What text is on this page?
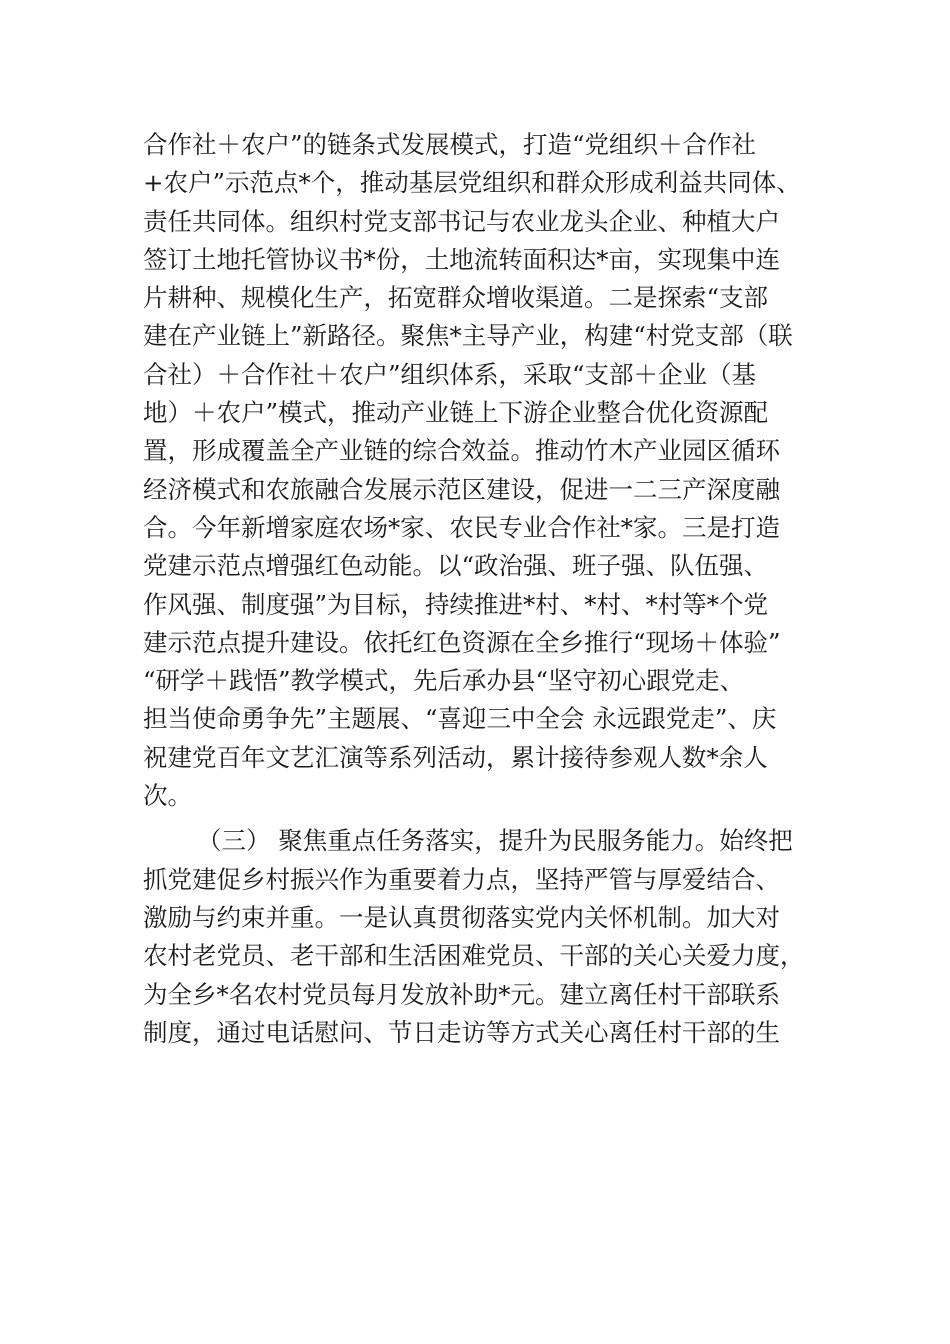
合作社＋农户”的链条式发展模式，打造“党组织＋合作社
+农户”示范点*个，推动基层党组织和群众形成利益共同体、
责任共同体。组织村党支部书记与农业龙头企业、种植大户
签订土地托管协议书*份，土地流转面积达*亩，实现集中连
片耕种、规模化生产，拓宽群众增收渠道。二是探索“支部
建在产业链上”新路径。聚焦*主导产业，构建“村党支部（联
合社）＋合作社＋农户”组织体系，采取“支部＋企业（基
地）＋农户”模式，推动产业链上下游企业整合优化资源配
置，形成覆盖全产业链的综合效益。推动竹木产业园区循环
经济模式和农旅融合发展示范区建设，促进一二三产深度融
合。今年新增家庭农场*家、农民专业合作社*家。三是打造
党建示范点增强红色动能。以“政治强、班子强、队伍强、
作风强、制度强”为目标，持续推进*村、*村、*村等*个党
建示范点提升建设。依托红色资源在全乡推行“现场＋体验”
“研学＋践悟”教学模式，先后承办县“坚守初心跟党走、
担当使命勇争先”主题展、“喜迎三中全会 永远跟党走”、庆
祝建党百年文艺汇演等系列活动，累计接待参观人数*余人
次。
（三） 聚焦重点任务落实，提升为民服务能力。始终把
抓党建促乡村振兴作为重要着力点，坚持严管与厚爱结合、
激励与约束并重。一是认真贯彻落实党内关怀机制。加大对
农村老党员、老干部和生活困难党员、干部的关心关爱力度，
为全乡*名农村党员每月发放补助*元。建立离任村干部联系
制度，通过电话慰问、节日走访等方式关心离任村干部的生
